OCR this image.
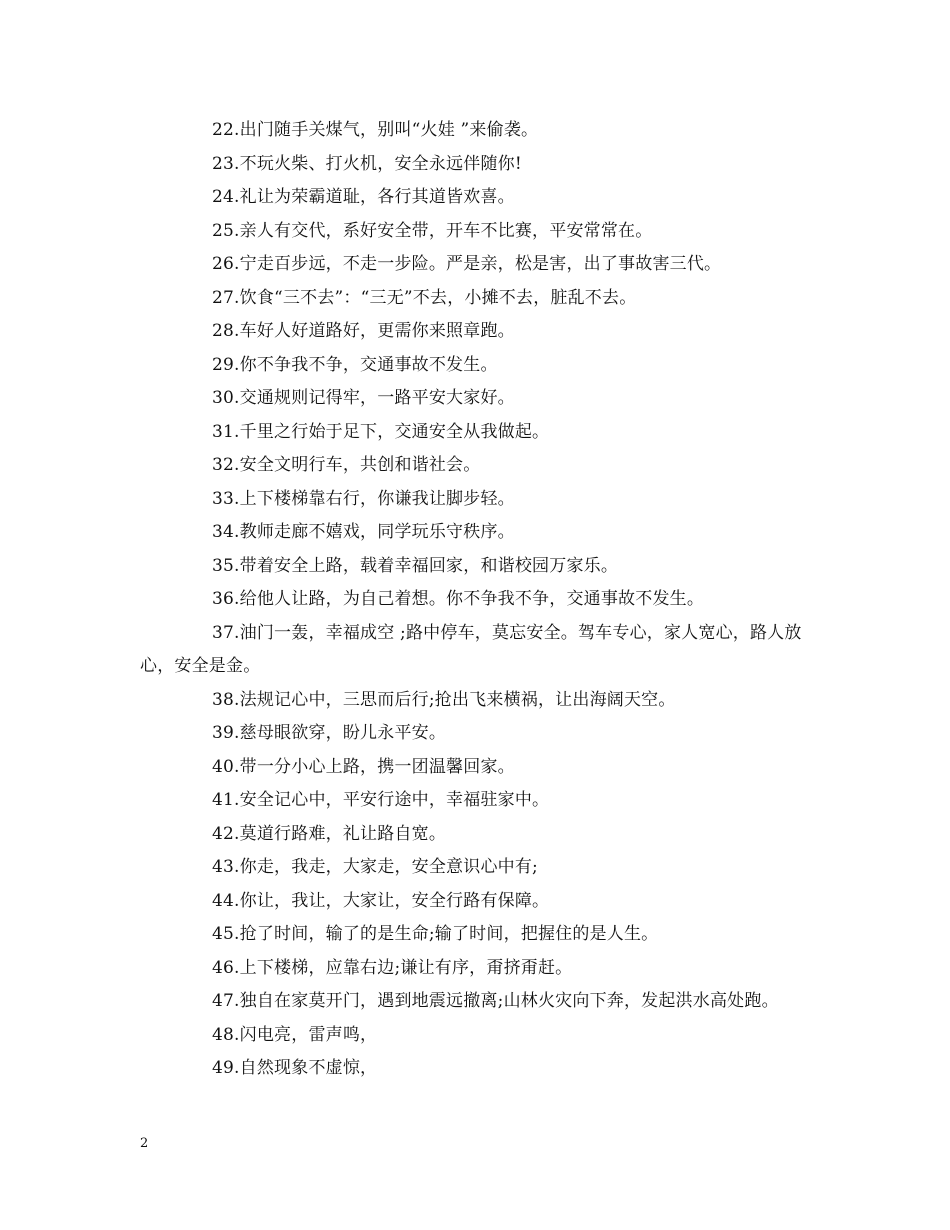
22.出门随手关煤气，别叫“火娃 ”来偷袭。

23.不玩火柴、打火机，安全永远伴随你!

24.礼让为荣霸道耻，各行其道皆欢喜。

25.亲人有交代，系好安全带，开车不比赛，平安常常在。

26.宁走百步远，不走一步险。严是亲，松是害，出了事故害三代。

27.饮食“三不去”：“三无”不去，小摊不去，脏乱不去。

28.车好人好道路好，更需你来照章跑。

29.你不争我不争，交通事故不发生。

30.交通规则记得牢，一路平安大家好。

31.千里之行始于足下，交通安全从我做起。

32.安全文明行车，共创和谐社会。

33.上下楼梯靠右行，你谦我让脚步轻。

34.教师走廊不嬉戏，同学玩乐守秩序。

35.带着安全上路，载着幸福回家，和谐校园万家乐。

36.给他人让路，为自己着想。你不争我不争，交通事故不发生。

37.油门一轰，幸福成空 ;路中停车，莫忘安全。驾车专心，家人宽心，路人放心，安全是金。

38.法规记心中，三思而后行;抢出飞来横祸，让出海阔天空。

39.慈母眼欲穿，盼儿永平安。

40.带一分小心上路，携一团温馨回家。

41.安全记心中，平安行途中，幸福驻家中。

42.莫道行路难，礼让路自宽。

43.你走，我走，大家走，安全意识心中有;

44.你让，我让，大家让，安全行路有保障。

45.抢了时间，输了的是生命;输了时间，把握住的是人生。

46.上下楼梯，应靠右边;谦让有序，甭挤甭赶。

47.独自在家莫开门，遇到地震远撤离;山林火灾向下奔，发起洪水高处跑。

48.闪电亮，雷声鸣，

49.自然现象不虚惊，

2
